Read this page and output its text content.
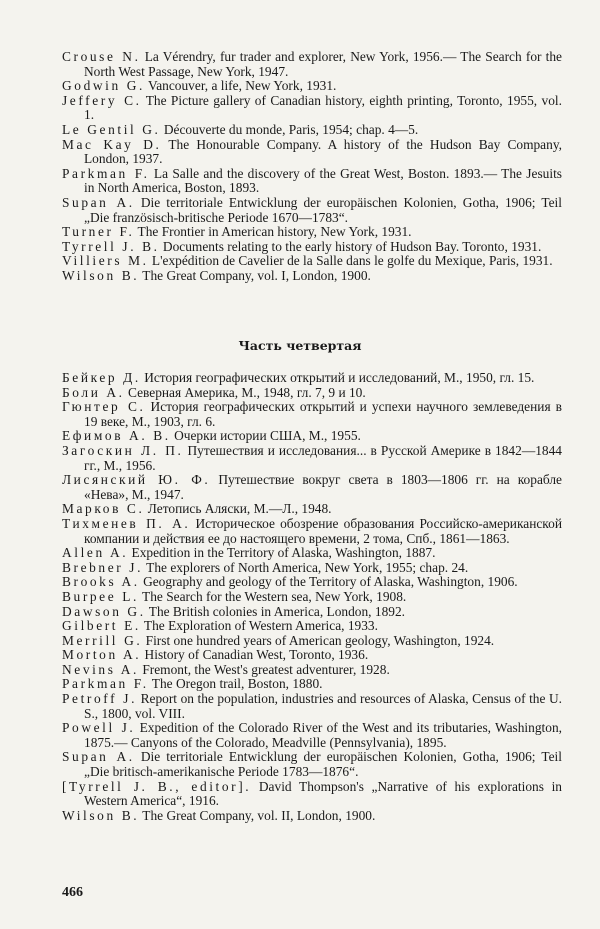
Crouse N. La Vérendry, fur trader and explorer, New York, 1956.— The Search for the North West Passage, New York, 1947.

Godwin G. Vancouver, a life, New York, 1931.

Jeffery C. The Picture gallery of Canadian history, eighth printing, Toronto, 1955, vol. 1.

Le Gentil G. Découverte du monde, Paris, 1954; chap. 4—5.

Mac Kay D. The Honourable Company. A history of the Hudson Bay Company, London, 1937.

Parkman F. La Salle and the discovery of the Great West, Boston. 1893.— The Jesuits in North America, Boston, 1893.

Supan A. Die territoriale Entwicklung der europäischen Kolonien, Gotha, 1906; Teil „Die französisch-britische Periode 1670—1783“.

Turner F. The Frontier in American history, New York, 1931.

Tyrrell J. B. Documents relating to the early history of Hudson Bay. Toronto, 1931.

Villiers M. L'expédition de Cavelier de la Salle dans le golfe du Mexique, Paris, 1931.

Wilson B. The Great Company, vol. I, London, 1900.

Часть четвертая

Бейкер Д. История географических открытий и исследований, М., 1950, гл. 15.

Боли А. Северная Америка, М., 1948, гл. 7, 9 и 10.

Гюнтер С. История географических открытий и успехи научного землеведения в 19 веке, М., 1903, гл. 6.

Ефимов А. В. Очерки истории США, М., 1955.

Загоскин Л. П. Путешествия и исследования... в Русской Америке в 1842—1844 гг., М., 1956.

Лисянский Ю. Ф. Путешествие вокруг света в 1803—1806 гг. на корабле «Нева», М., 1947.

Марков С. Летопись Аляски, М.—Л., 1948.

Тихменев П. А. Историческое обозрение образования Российско-американской компании и действия ее до настоящего времени, 2 тома, Спб., 1861—1863.

Allen A. Expedition in the Territory of Alaska, Washington, 1887.

Brebner J. The explorers of North America, New York, 1955; chap. 24.

Brooks A. Geography and geology of the Territory of Alaska, Washington, 1906.

Burpee L. The Search for the Western sea, New York, 1908.

Dawson G. The British colonies in America, London, 1892.

Gilbert E. The Exploration of Western America, 1933.

Merrill G. First one hundred years of American geology, Washington, 1924.

Morton A. History of Canadian West, Toronto, 1936.

Nevins A. Fremont, the West's greatest adventurer, 1928.

Parkman F. The Oregon trail, Boston, 1880.

Petroff J. Report on the population, industries and resources of Alaska, Census of the U. S., 1800, vol. VIII.

Powell J. Expedition of the Colorado River of the West and its tributaries, Washington, 1875.— Canyons of the Colorado, Meadville (Pennsylvania), 1895.

Supan A. Die territoriale Entwicklung der europäischen Kolonien, Gotha, 1906; Teil „Die britisch-amerikanische Periode 1783—1876“.

[Tyrrell J. B., editor]. David Thompson's „Narrative of his explorations in Western America“, 1916.

Wilson B. The Great Company, vol. II, London, 1900.

466
